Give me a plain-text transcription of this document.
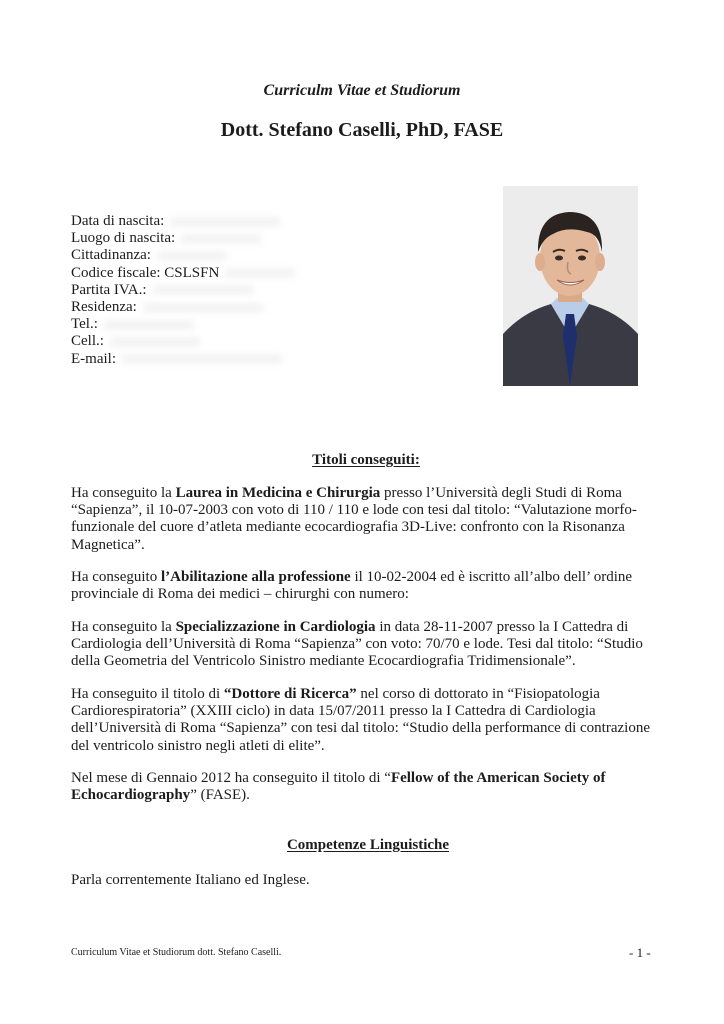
Curriculm Vitae et Studiorum
Dott. Stefano Caselli, PhD, FASE
Data di nascita:
Luogo di nascita:
Cittadinanza:
Codice fiscale: CSLSFN
Partita IVA.:
Residenza:
Tel.:
Cell.:
E-mail:
Titoli conseguiti:
Ha conseguito la Laurea in Medicina e Chirurgia presso l’Università degli Studi di Roma “Sapienza”, il 10-07-2003 con voto di 110 / 110 e lode con tesi dal titolo: “Valutazione morfo-funzionale del cuore d’atleta mediante ecocardiografia 3D-Live: confronto con la Risonanza Magnetica”.
Ha conseguito l’Abilitazione alla professione il 10-02-2004 ed è iscritto all’albo dell’ ordine provinciale di Roma dei medici – chirurghi con numero:
Ha conseguito la Specializzazione in Cardiologia in data 28-11-2007 presso la I Cattedra di Cardiologia dell’Università di Roma “Sapienza” con voto: 70/70 e lode. Tesi dal titolo: “Studio della Geometria del Ventricolo Sinistro mediante Ecocardiografia Tridimensionale”.
Ha conseguito il titolo di “Dottore di Ricerca” nel corso di dottorato in “Fisiopatologia Cardiorespiratoria” (XXIII ciclo) in data 15/07/2011 presso la I Cattedra di Cardiologia dell’Università di Roma “Sapienza” con tesi dal titolo: “Studio della performance di contrazione del ventricolo sinistro negli atleti di elite”.
Nel mese di Gennaio 2012 ha conseguito il titolo di “Fellow of the American Society of Echocardiography” (FASE).
Competenze Linguistiche
Parla correntemente Italiano ed Inglese.
Curriculum Vitae et Studiorum dott. Stefano Caselli.	- 1 -
